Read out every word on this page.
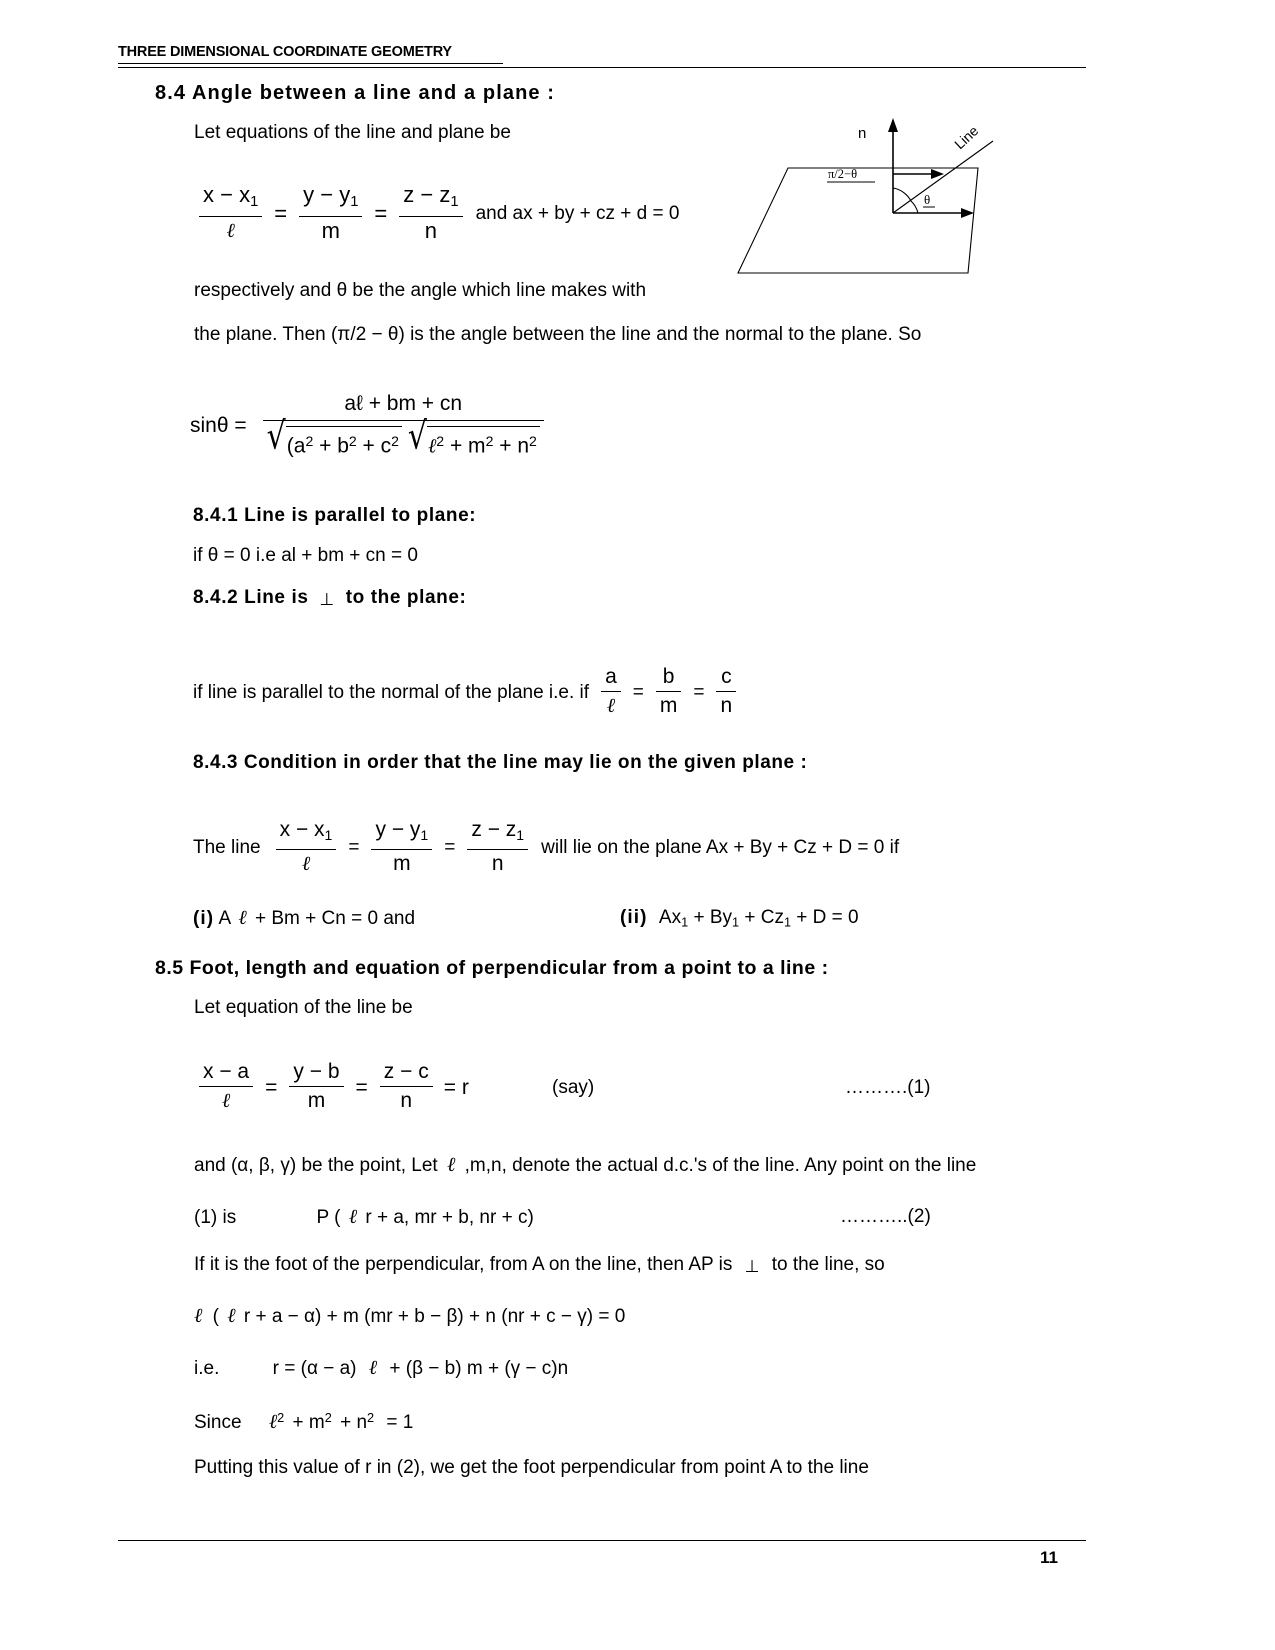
THREE DIMENSIONAL COORDINATE GEOMETRY
8.4 Angle between a line and a plane :
Let equations of the line and plane be	n
π/2−θ
θ
Line
$\frac{x - x_1}{\text{ℓ}} = \frac{y - y_1}{m} = \frac{z - z_1}{n}$ and ax + by + cz + d = 0
respectively and θ be the angle which line makes with
the plane. Then (π/2 − θ) is the angle between the line and the normal to the plane. So
sinθ =
aℓ + bm + cn
√ ($a^2 + b^2 + c^2$
√ ℓ$^2$ + $m^2 + n^2$
8.4.1 Line is parallel to plane:
if θ = 0 i.e al + bm + cn = 0
8.4.2 Line is ⊥ to the plane:
if line is parallel to the normal of the plane i.e. if $\frac{a}{\text{ℓ}} = \frac{b}{m} = \frac{c}{n}$
8.4.3 Condition in order that the line may lie on the given plane :
The line $\frac{x - x_1}{\text{ℓ}} = \frac{y - y_1}{m} = \frac{z - z_1}{n}$ will lie on the plane Ax + By + Cz + D = 0 if
(i) A ℓ + Bm + Cn = 0 and	(ii) $Ax_1 + By_1 + Cz_1 + D = 0$
8.5 Foot, length and equation of perpendicular from a point to a line :
Let equation of the line be
$\frac{x - a}{\text{ℓ}} = \frac{y - b}{m} = \frac{z - c}{n} = r$	(say)	……….(1)
and (α, β, γ) be the point, Let ℓ ,m,n, denote the actual d.c.'s of the line. Any point on the line
(1) is	P ( ℓ r + a, mr + b, nr + c)	………..(2)
If it is the foot of the perpendicular, from A on the line, then AP is ⊥ to the line, so
ℓ ( ℓ r + a − α) + m (mr + b − β) + n (nr + c − γ) = 0
i.e.	r = (α − a) ℓ + (β − b) m + (γ − c)n
Since ℓ$^2$ + $m^2 + n^2 = 1$
Putting this value of r in (2), we get the foot perpendicular from point A to the line
11
